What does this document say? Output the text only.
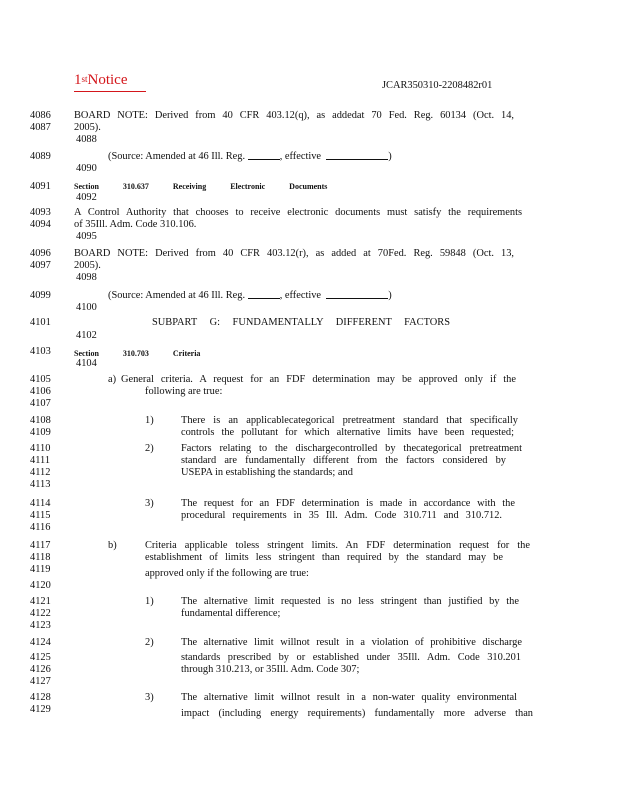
1stNotice	JCAR350310-2208482r01
4086
4087
4088
4089
4090
4091
4092
4093
4094
4095
4096
4097
4098
4099
4100
4101
4102
4103
4104
4105
4106
4107
4108
4109
4110
4111
4112
4113
4114
4115
4116
4117
4118
4119
4120
4121
4122
4123
4124
4125
4126
4127
4128
4129
BOARD NOTE: Derived from 40 CFR 403.12(q), as addedat 70 Fed. Reg. 60134 (Oct. 14,
2005).
(Source: Amended at 46 Ill. Reg.	, effective	)
Section	310.637	Receiving	Electronic	Documents
A Control Authority that chooses to receive electronic documents must satisfy the requirements
of 35Ill. Adm. Code 310.106.
BOARD NOTE: Derived from 40 CFR 403.12(r), as added at 70Fed. Reg. 59848 (Oct. 13,
2005).
(Source: Amended at 46 Ill. Reg.	, effective	)
SUBPART G: FUNDAMENTALLY DIFFERENT FACTORS
Section	310.703	Criteria
a) General criteria. A request for an FDF determination may be approved only if the
following are true:
1)	There is an applicablecategorical pretreatment standard that specifically
controls the pollutant for which alternative limits have been requested;
2)	Factors relating to the dischargecontrolled by thecategorical pretreatment
standard are fundamentally different from the factors considered by
USEPA in establishing the standards; and
3)	The request for an FDF determination is made in accordance with the
procedural requirements in 35 Ill. Adm. Code 310.711 and 310.712.
b)	Criteria applicable toless stringent limits. An FDF determination request for the
establishment of limits less stringent than required by the standard may be
approved only if the following are true:
1)	The alternative limit requested is no less stringent than justified by the
fundamental difference;
2)	The alternative limit willnot result in a violation of prohibitive discharge
standards prescribed by or established under 35Ill. Adm. Code 310.201
through 310.213, or 35Ill. Adm. Code 307;
3)	The alternative limit willnot result in a non-water quality environmental
impact (including energy requirements) fundamentally more adverse than
